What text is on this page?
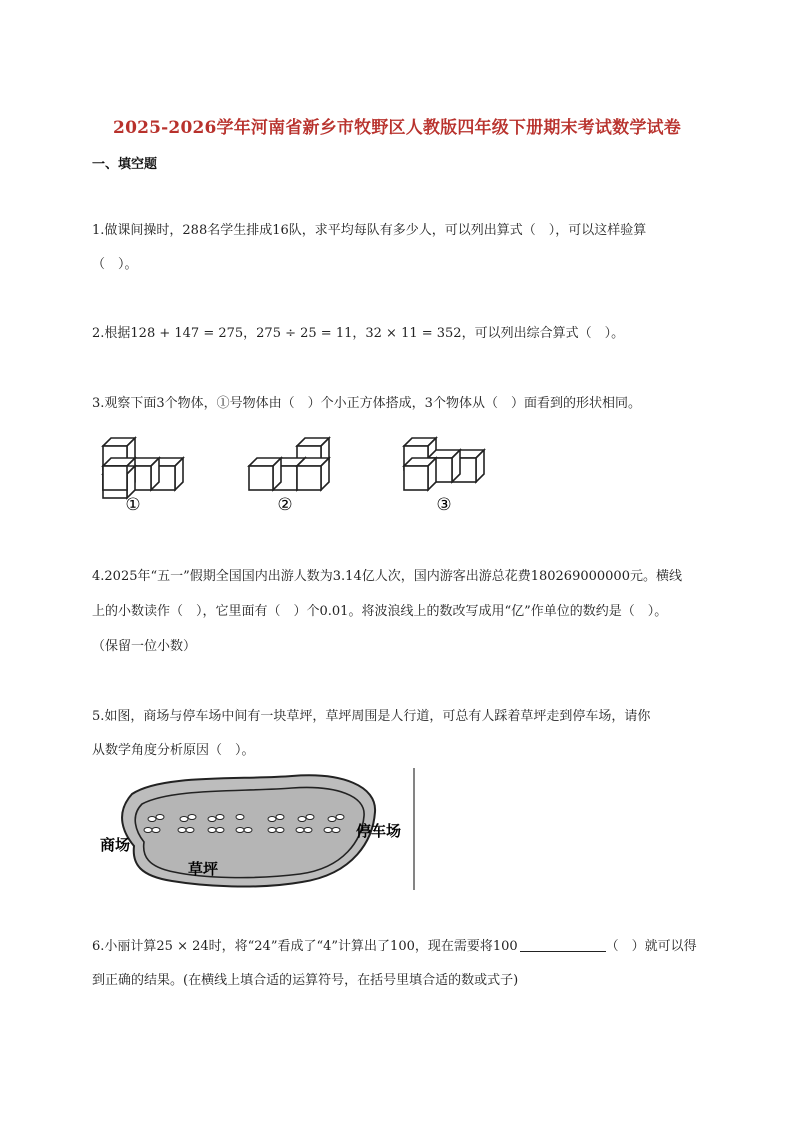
2025-2026学年河南省新乡市牧野区人教版四年级下册期末考试数学试卷
一、填空题
1.做课间操时，288名学生排成16队，求平均每队有多少人，可以列出算式（　），可以这样验算
（　）。
2.根据128 + 147 = 275，275 ÷ 25 = 11，32 × 11 = 352，可以列出综合算式（　）。
3.观察下面3个物体，①号物体由（　）个小正方体搭成，3个物体从（　）面看到的形状相同。
①	②	③
4.2025年“五一”假期全国国内出游人数为3.14亿人次，国内游客出游总花费180269000000元。横线
上的小数读作（　），它里面有（　）个0.01。将波浪线上的数改写成用“亿”作单位的数约是（　）。
（保留一位小数）
5.如图，商场与停车场中间有一块草坪，草坪周围是人行道，可总有人踩着草坪走到停车场，请你
从数学角度分析原因（　）。
商场
停车场
草坪
6.小丽计算25 × 24时，将“24”看成了“4”计算出了100，现在需要将100	（　）就可以得
到正确的结果。(在横线上填合适的运算符号，在括号里填合适的数或式子)
